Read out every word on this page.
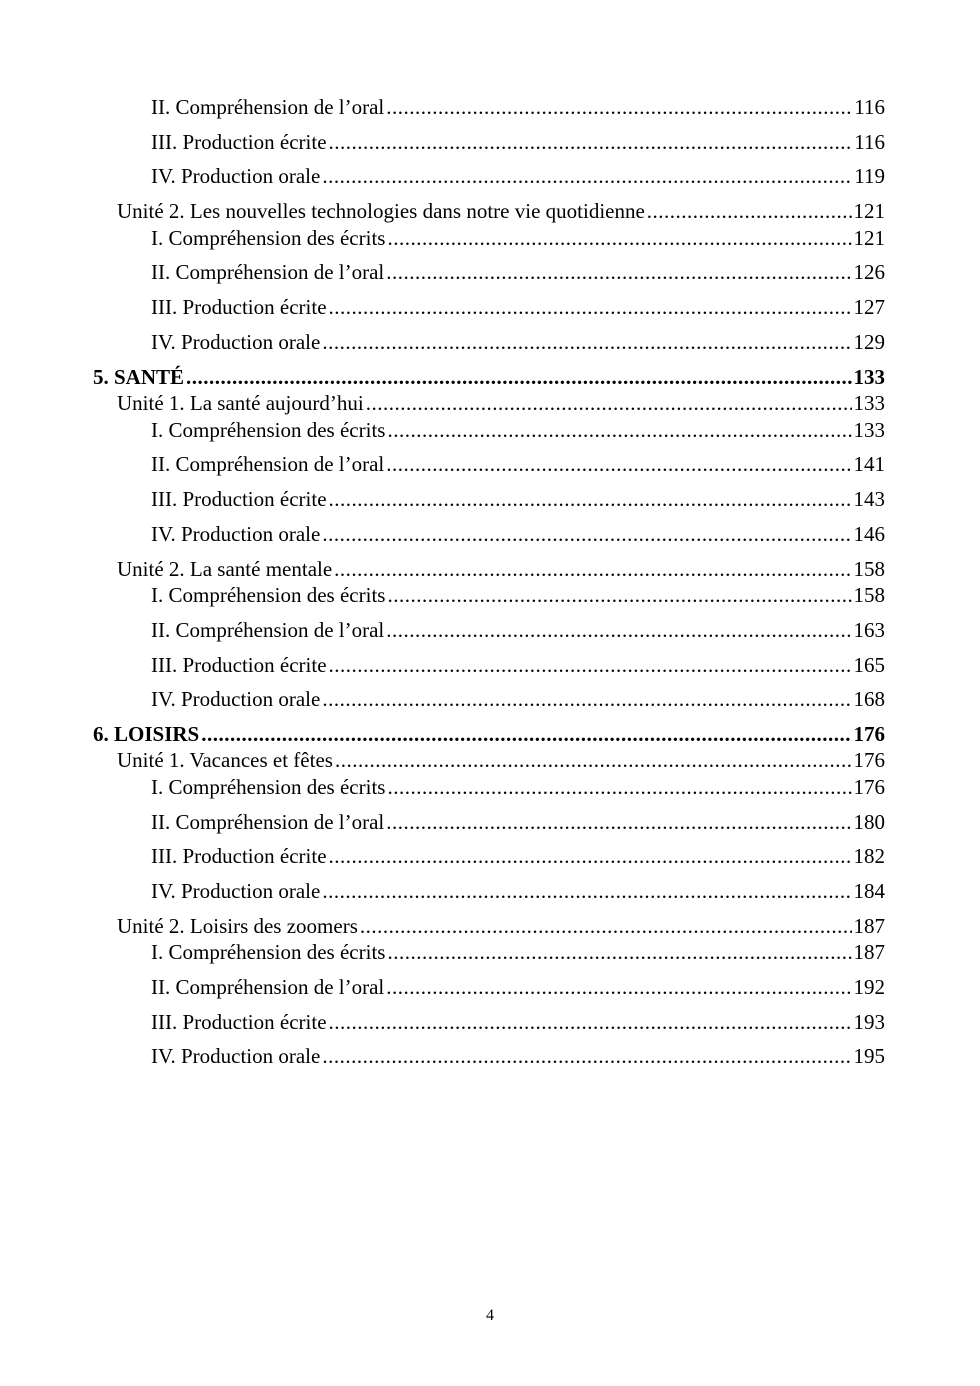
II. Compréhension de l’oral .....	116
III. Production écrite .....	116
IV. Production orale .....	119
Unité 2. Les nouvelles technologies dans notre vie quotidienne .....	121
I. Compréhension des écrits .....	121
II. Compréhension de l’oral .....	126
III. Production écrite .....	127
IV. Production orale .....	129
5. SANTÉ .....	133
Unité 1. La santé aujourd’hui .....	133
I. Compréhension des écrits .....	133
II. Compréhension de l’oral .....	141
III. Production écrite .....	143
IV. Production orale .....	146
Unité 2. La santé mentale .....	158
I. Compréhension des écrits .....	158
II. Compréhension de l’oral .....	163
III. Production écrite .....	165
IV. Production orale .....	168
6. LOISIRS .....	176
Unité 1. Vacances et fêtes .....	176
I. Compréhension des écrits .....	176
II. Compréhension de l’oral .....	180
III. Production écrite .....	182
IV. Production orale .....	184
Unité 2. Loisirs des zoomers .....	187
I. Compréhension des écrits .....	187
II. Compréhension de l’oral .....	192
III. Production écrite .....	193
IV. Production orale .....	195
4
